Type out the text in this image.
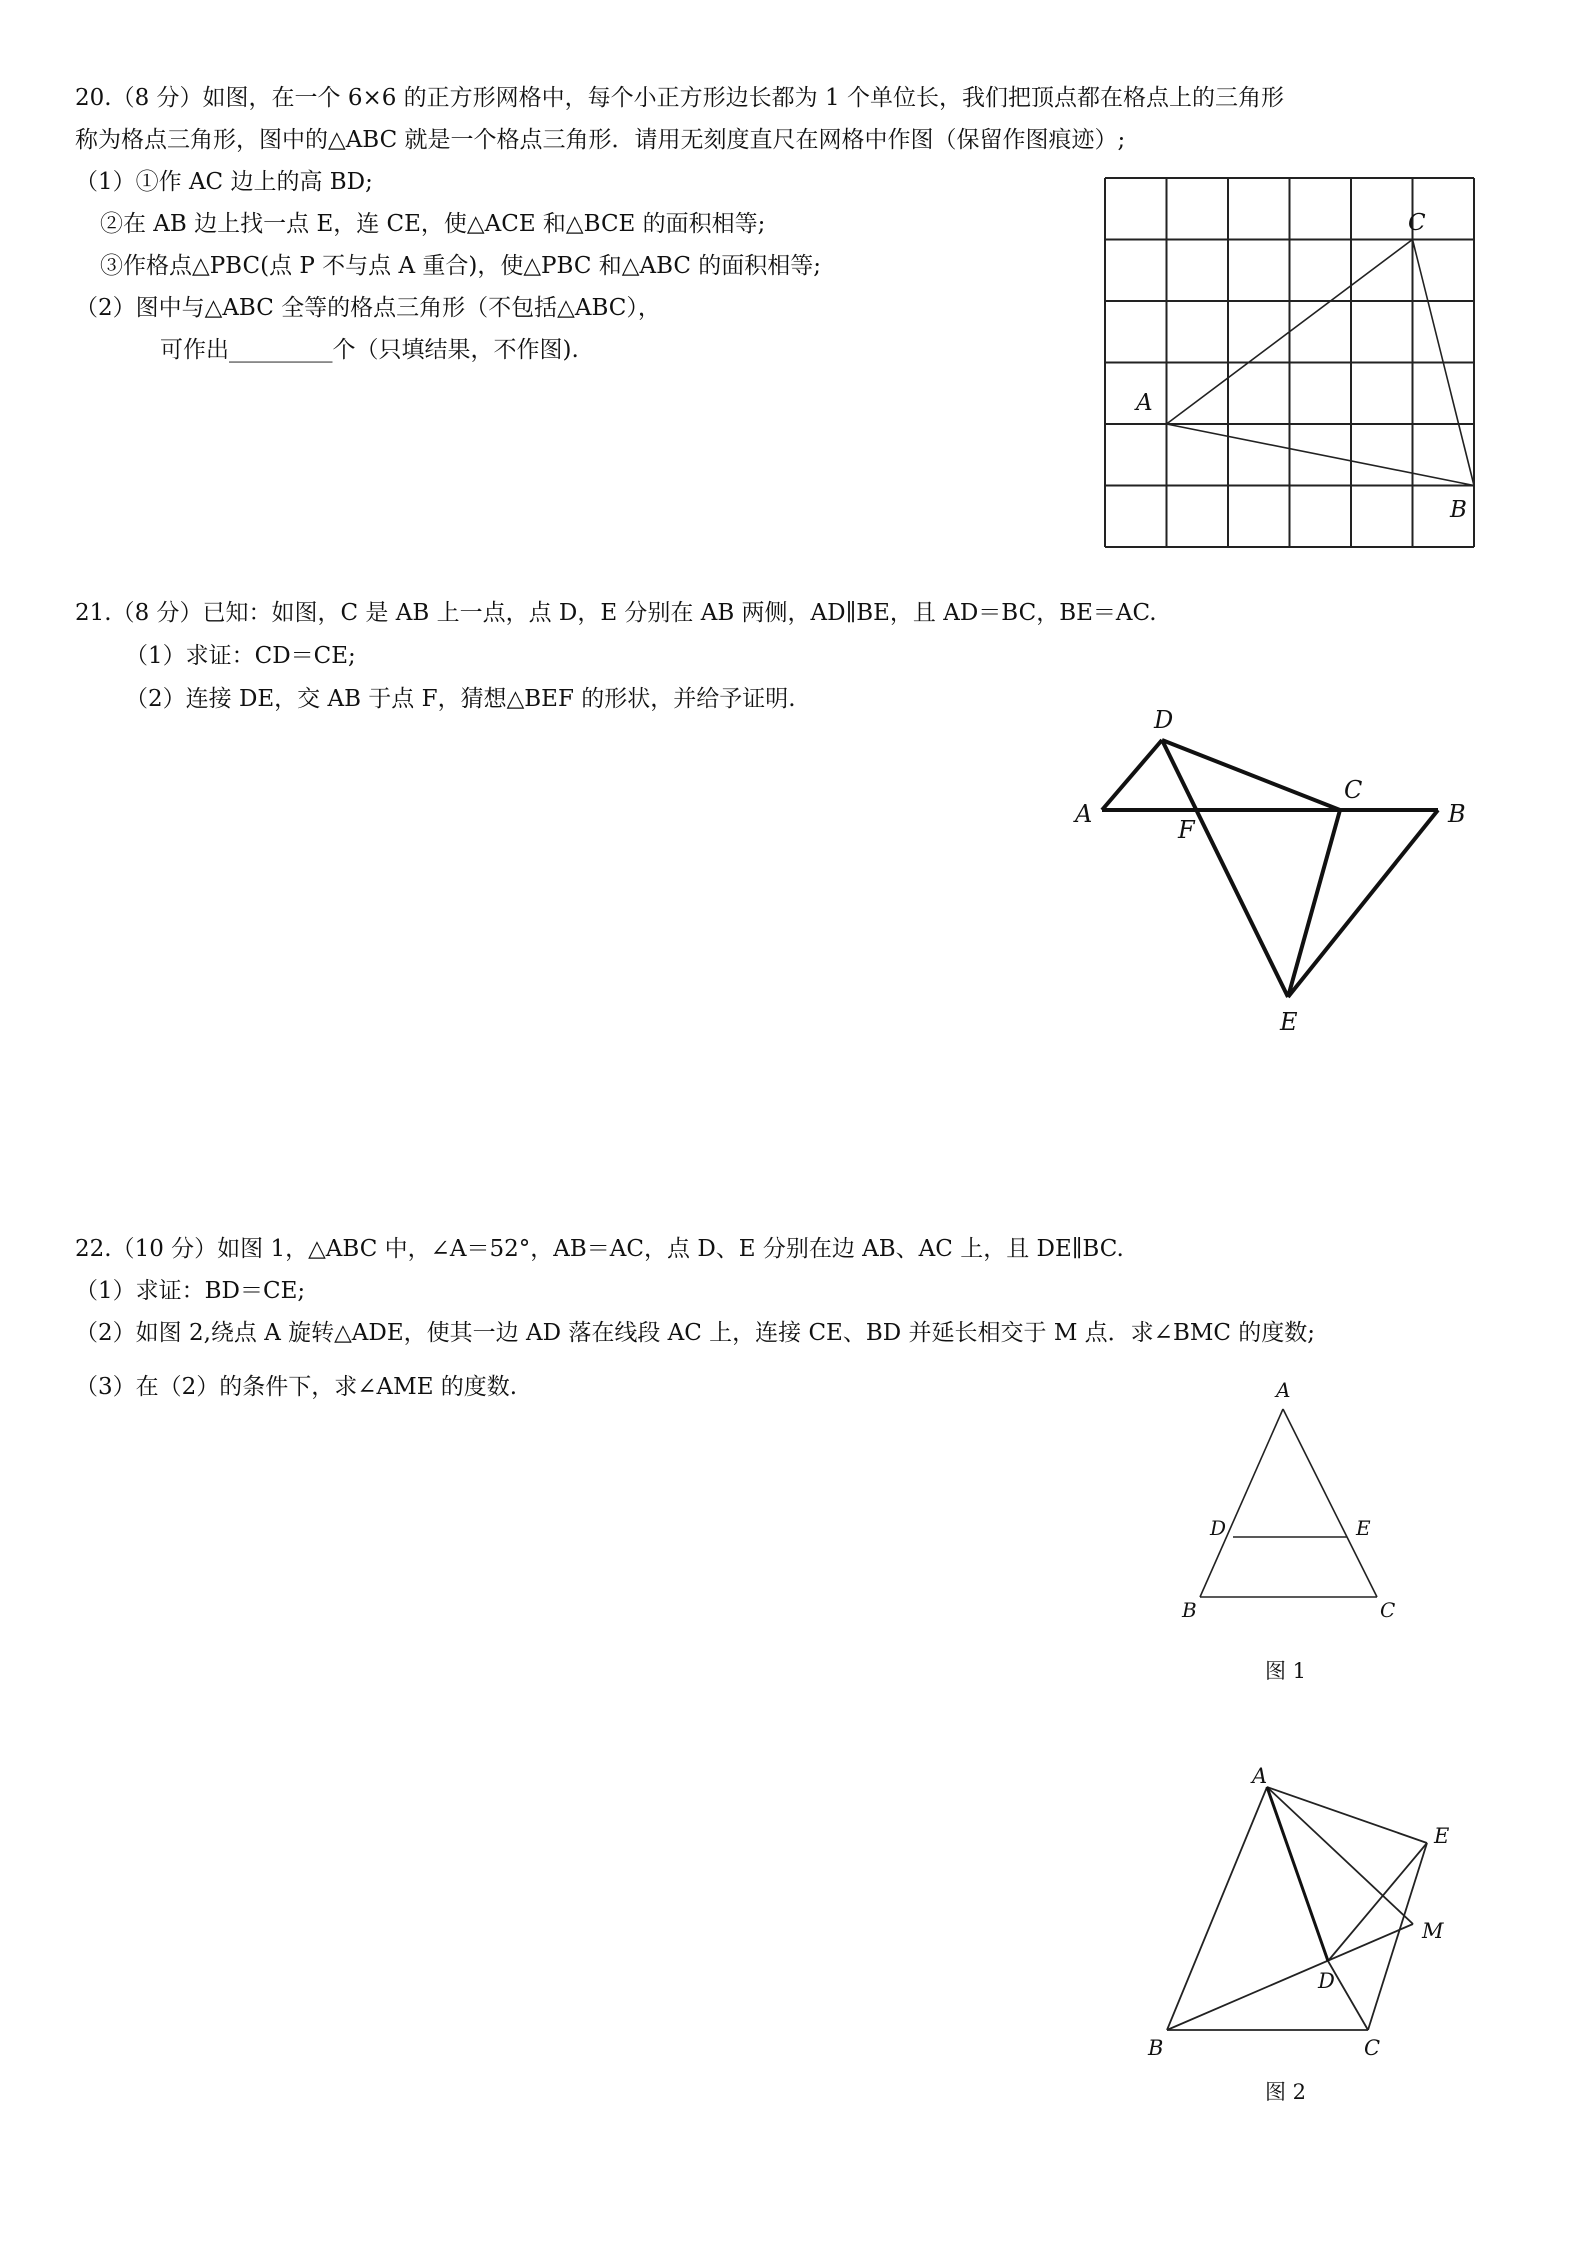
20.（8 分）如图，在一个 6×6 的正方形网格中，每个小正方形边长都为 1 个单位长，我们把顶点都在格点上的三角形
称为格点三角形，图中的△ABC 就是一个格点三角形．请用无刻度直尺在网格中作图（保留作图痕迹）;
（1）①作 AC 边上的高 BD;
②在 AB 边上找一点 E，连 CE，使△ACE 和△BCE 的面积相等;
③作格点△PBC(点 P 不与点 A 重合)，使△PBC 和△ABC 的面积相等;
（2）图中与△ABC 全等的格点三角形（不包括△ABC），
可作出_________个（只填结果，不作图).
A
C
B
21.（8 分）已知：如图，C 是 AB 上一点，点 D，E 分别在 AB 两侧，AD∥BE，且 AD＝BC，BE＝AC.
（1）求证：CD＝CE;
（2）连接 DE，交 AB 于点 F，猜想△BEF 的形状，并给予证明.
D
A
F
C
B
E
22.（10 分）如图 1，△ABC 中，∠A＝52°，AB＝AC，点 D、E 分别在边 AB、AC 上，且 DE∥BC.
（1）求证：BD＝CE;
（2）如图 2,绕点 A 旋转△ADE，使其一边 AD 落在线段 AC 上，连接 CE、BD 并延长相交于 M 点．求∠BMC 的度数;
（3）在（2）的条件下，求∠AME 的度数.	A
D	E
B	C
图 1
A
E
M
D
B	C
图 2
